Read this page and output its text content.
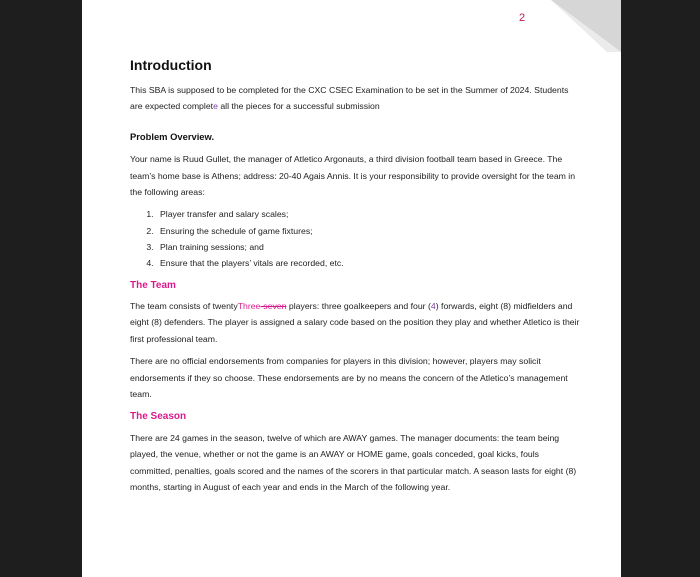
2
Introduction

This SBA is supposed to be completed for the CXC CSEC Examination to be set in the Summer of 2024. Students are expected complete all the pieces for a successful submission

Problem Overview.

Your name is Ruud Gullet, the manager of Atletico Argonauts, a third division football team based in Greece. The team’s home base is Athens; address: 20-40 Agais Annis. It is your responsibility to provide oversight for the team in the following areas:

1. Player transfer and salary scales;
2. Ensuring the schedule of game fixtures;
3. Plan training sessions; and
4. Ensure that the players’ vitals are recorded, etc.
The Team

The team consists of twentyThree-seven players: three goalkeepers and four (4) forwards, eight (8) midfielders and eight (8) defenders. The player is assigned a salary code based on the position they play and whether Atletico is their first professional team.

There are no official endorsements from companies for players in this division; however, players may solicit endorsements if they so choose. These endorsements are by no means the concern of the Atletico’s management team.

The Season

There are 24 games in the season, twelve of which are AWAY games. The manager documents: the team being played, the venue, whether or not the game is an AWAY or HOME game, goals conceded, goal kicks, fouls committed, penalties, goals scored and the names of the scorers in that particular match. A season lasts for eight (8) months, starting in August of each year and ends in the March of the following year.
